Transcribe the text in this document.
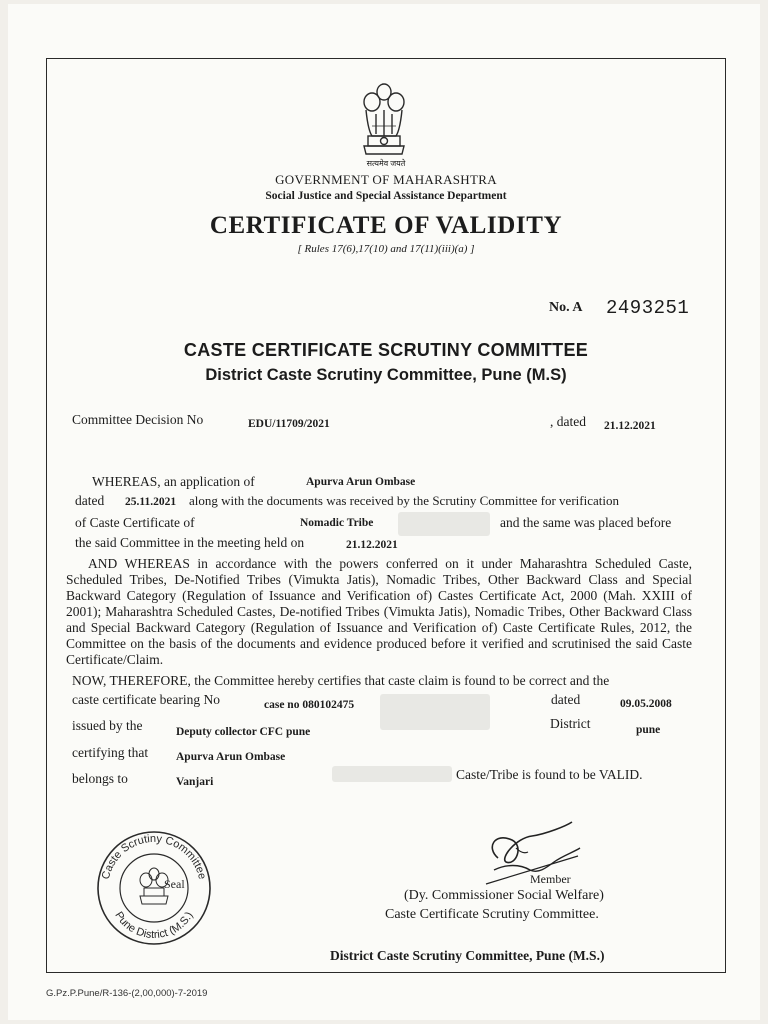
सत्यमेव जयते
GOVERNMENT OF MAHARASHTRA
Social Justice and Special Assistance Department
CERTIFICATE OF VALIDITY
[ Rules 17(6),17(10) and 17(11)(iii)(a) ]
No. A 2493251
CASTE CERTIFICATE SCRUTINY COMMITTEE
District Caste Scrutiny Committee, Pune (M.S)
Committee Decision No	EDU/11709/2021	, dated 21.12.2021
WHEREAS, an application of	Apurva Arun Ombase
dated 25.11.2021 along with the documents was received by the Scrutiny Committee for verification
of Caste Certificate of	Nomadic Tribe	and the same was placed before
the said Committee in the meeting held on	21.12.2021
AND WHEREAS in accordance with the powers conferred on it under Maharashtra Scheduled Caste, Scheduled Tribes, De-Notified Tribes (Vimukta Jatis), Nomadic Tribes, Other Backward Class and Special Backward Category (Regulation of Issuance and Verification of) Castes Certificate Act, 2000 (Mah. XXIII of 2001); Maharashtra Scheduled Castes, De-notified Tribes (Vimukta Jatis), Nomadic Tribes, Other Backward Class and Special Backward Category (Regulation of Issuance and Verification of) Caste Certificate Rules, 2012, the Committee on the basis of the documents and evidence produced before it verified and scrutinised the said Caste Certificate/Claim.
NOW, THEREFORE, the Committee hereby certifies that caste claim is found to be correct and the
caste certificate bearing No	case no 080102475	dated	09.05.2008
issued by the	Deputy collector CFC pune
District	pune
certifying that Apurva Arun Ombase
belongs to	Vanjari	Caste/Tribe is found to be VALID.
Caste Scrutiny Committee
Pune District (M.S.)
Seal	Member
(Dy. Commissioner Social Welfare)
Caste Certificate Scrutiny Committee.
District Caste Scrutiny Committee, Pune (M.S.)
G.Pz.P.Pune/R-136-(2,00,000)-7-2019
